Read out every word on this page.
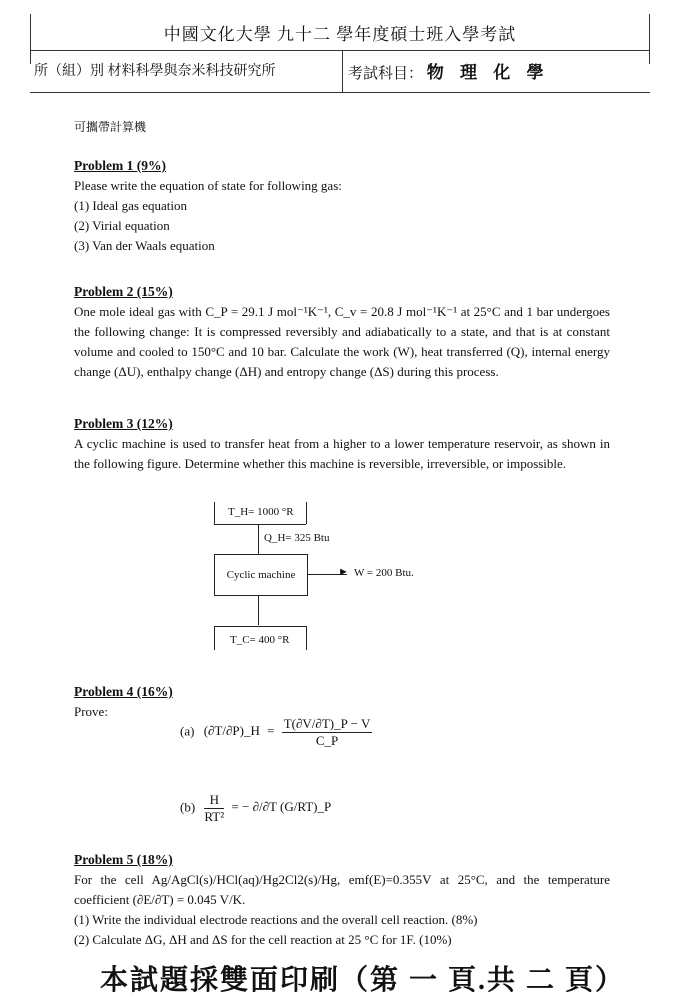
中國文化大學 九十二 學年度碩士班入學考試
所（組）別 材料科學與奈米科技研究所	考試科目： 物 理 化 學
可攜帶計算機
Problem 1 (9%)

Please write the equation of state for following gas:

(1) Ideal gas equation

(2) Virial equation

(3) Van der Waals equation

Problem 2 (15%)

One mole ideal gas with C_P = 29.1 J mol⁻¹K⁻¹, C_v = 20.8 J mol⁻¹K⁻¹ at 25°C and 1 bar undergoes the following change: It is compressed reversibly and adiabatically to a state, and that is at constant volume and cooled to 150°C and 10 bar. Calculate the work (W), heat transferred (Q), internal energy change (ΔU), enthalpy change (ΔH) and entropy change (ΔS) during this process.

Problem 3 (12%)

A cyclic machine is used to transfer heat from a higher to a lower temperature reservoir, as shown in the following figure. Determine whether this machine is reversible, irreversible, or impossible.

T_H= 1000 °R
Q_H= 325 Btu
Cyclic machine	► W = 200 Btu.
T_C= 400 °R
Problem 4 (16%)

Prove:

(a) (∂T/∂P)_H = $\frac{T(\partial V/\partial T)\_P - V}{C\_P}$
$(b) \frac{H}{\text{RT²}}$ = − ∂/∂T (G/RT)_P
Problem 5 (18%)

For the cell Ag/AgCl(s)/HCl(aq)/Hg2Cl2(s)/Hg, emf(E)=0.355V at 25°C, and the temperature coefficient (∂E/∂T) = 0.045 V/K.

(1) Write the individual electrode reactions and the overall cell reaction. (8%)

(2) Calculate ΔG, ΔH and ΔS for the cell reaction at 25 °C for 1F. (10%)

本試題採雙面印刷（第 一 頁.共 二 頁）
